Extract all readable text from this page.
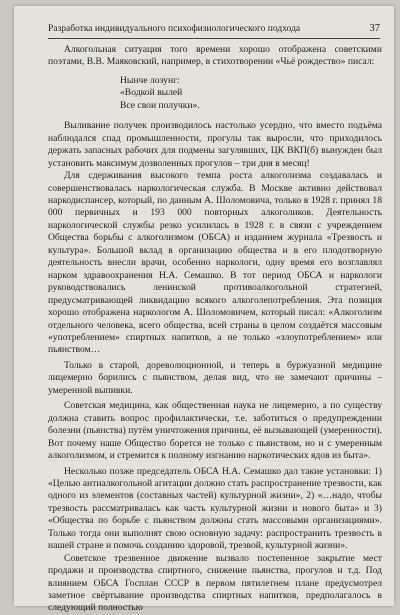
Разработка индивидуального психофизиологического подхода	37

Алкогольная ситуация того времени хорошо отображена советскими поэтами, В.В. Маяковский, например, в стихотворении «Чьё рождество» писал:

Нынче лозунг:
«Водкой вылей
Все свои получки».

Выливание получек производилось настолько усердно, что вместо подъёма наблюдался спад промышленности, прогулы так выросли, что приходилось держать запасных рабочих для подмены загулявших, ЦК ВКП(б) вынужден был установить максимум дозволенных прогулов – три дня в месяц!

Для сдерживания высокого темпа роста алкоголизма создавалась и совершенствовалась наркологическая служба. В Москве активно действовал наркодиспансер, который, по данным А. Шоломовича, только в 1928 г. принял 18 000 первичных и 193 000 повторных алкоголиков. Деятельность наркологической службы резко усилилась в 1928 г. в связи с учреждением Общества борьбы с алкоголизмом (ОБСА) и изданием журнала «Трезвость и культура». Большой вклад в организацию общества и в его плодотворную деятельность внесли врачи, особенно наркологи, одну время его возглавлял нарком здравоохранения Н.А. Семашко. В тот период ОБСА и наркологи руководствовались ленинской противоалкогольной стратегией, предусматривающей ликвидацию всякого алкоголепотребления. Эта позиция хорошо отображена наркологом А. Шоломовичем, который писал: «Алкоголизм отдельного человека, всего общества, всей страны в целом создаётся массовым «употреблением» спиртных напитков, а не только «злоупотреблением» или пьянством…

Только в старой, дореволюционной, и теперь в буржуазной медицине лицемерно борились с пьянством, делая вид, что не замечают причины – умеренной выпивки.

Советская медицина, как общественная наука не лицемерно, а по существу должна ставить вопрос профилактически, т.е. заботиться о предупреждении болезни (пьянства) путём уничтожения причины, её вызывающей (умеренности). Вот почему наше Общество борется не только с пьянством, но и с умеренным алкоголизмом, и стремится к полному изгнанию наркотических ядов из быта».

Несколько позже председатель ОБСА Н.А. Семашко дал такие установки: 1) «Целью антиалкогольной агитации должно стать распространение трезвости, как одного из элементов (составных частей) культурной жизни», 2) «…надо, чтобы трезвость рассматривалась как часть культурной жизни и нового быта» и 3) «Общества по борьбе с пьянством должны стать массовыми организациями». Только тогда они выполнят свою основную задачу: распространить трезвость в нашей стране и помочь созданию здоровой, трезвой, культурной жизни».

Советское трезвенное движение вызвало постепенное закрытие мест продажи и производства спиртного, снижение пьянства, прогулов и т.д. Под влиянием ОБСА Госплан СССР в первом пятилетнем плане предусмотрел заметное свёртывание производства спиртных напитков, предполагалось в следующий полностью
